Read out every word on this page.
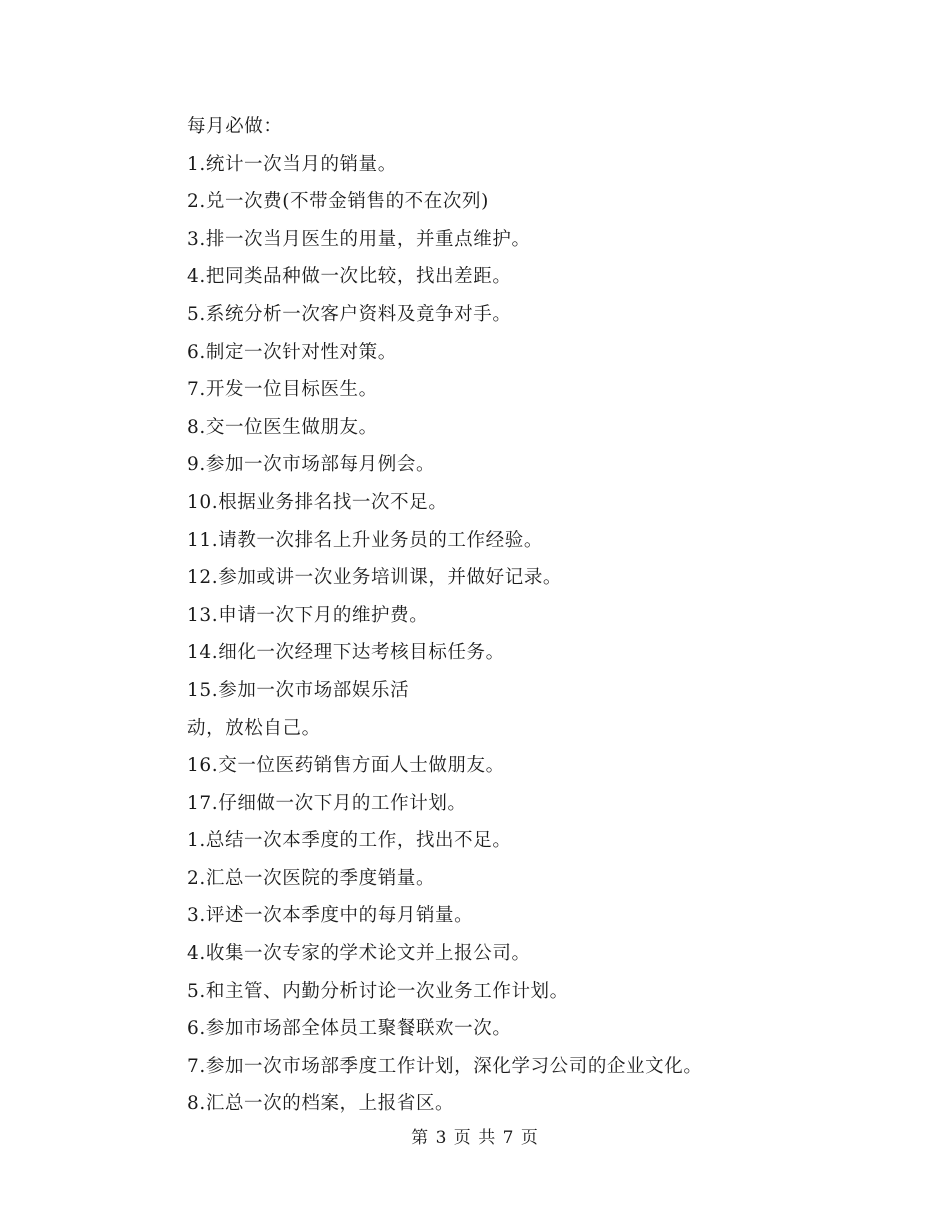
每月必做：
1.统计一次当月的销量。
2.兑一次费(不带金销售的不在次列)
3.排一次当月医生的用量，并重点维护。
4.把同类品种做一次比较，找出差距。
5.系统分析一次客户资料及竟争对手。
6.制定一次针对性对策。
7.开发一位目标医生。
8.交一位医生做朋友。
9.参加一次市场部每月例会。
10.根据业务排名找一次不足。
11.请教一次排名上升业务员的工作经验。
12.参加或讲一次业务培训课，并做好记录。
13.申请一次下月的维护费。
14.细化一次经理下达考核目标任务。
15.参加一次市场部娱乐活
动，放松自己。
16.交一位医药销售方面人士做朋友。
17.仔细做一次下月的工作计划。
1.总结一次本季度的工作，找出不足。
2.汇总一次医院的季度销量。
3.评述一次本季度中的每月销量。
4.收集一次专家的学术论文并上报公司。
5.和主管、内勤分析讨论一次业务工作计划。
6.参加市场部全体员工聚餐联欢一次。
7.参加一次市场部季度工作计划，深化学习公司的企业文化。
8.汇总一次的档案，上报省区。
第 3 页 共 7 页
